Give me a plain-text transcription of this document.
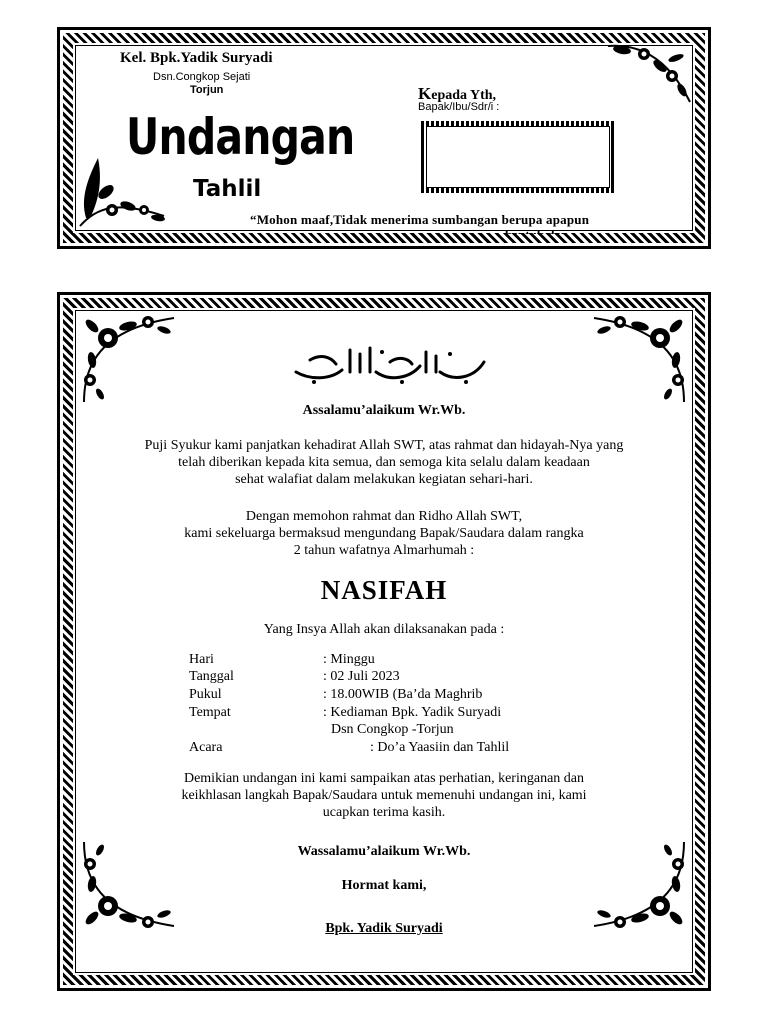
Kel. Bpk.Yadik Suryadi
Dsn.Congkop Sejati
Torjun
Undangan
Tahlil
Kepada Yth,
Bapak/Ibu/Sdr/i :
“Mohon maaf,Tidak menerima sumbangan berupa apapun
Assalamu’alaikum Wr.Wb.
Puji Syukur kami panjatkan kehadirat Allah SWT, atas rahmat dan hidayah-Nya yang
telah diberikan kepada kita semua, dan semoga kita selalu dalam keadaan
sehat walafiat dalam melakukan kegiatan sehari-hari.
Dengan memohon rahmat dan Ridho Allah SWT,
kami sekeluarga bermaksud mengundang Bapak/Saudara dalam rangka
2 tahun wafatnya Almarhumah :
NASIFAH
Yang Insya Allah akan dilaksanakan pada :
Hari	: Minggu
Tanggal	: 02 Juli 2023
Pukul	: 18.00WIB (Ba’da Maghrib
Tempat	: Kediaman Bpk. Yadik Suryadi
Dsn Congkop -Torjun
Acara	: Do’a Yaasiin dan Tahlil
Demikian undangan ini kami sampaikan atas perhatian, keringanan dan
keikhlasan langkah Bapak/Saudara untuk memenuhi undangan ini, kami
ucapkan terima kasih.
Wassalamu’alaikum Wr.Wb.
Hormat kami,
Bpk. Yadik Suryadi
